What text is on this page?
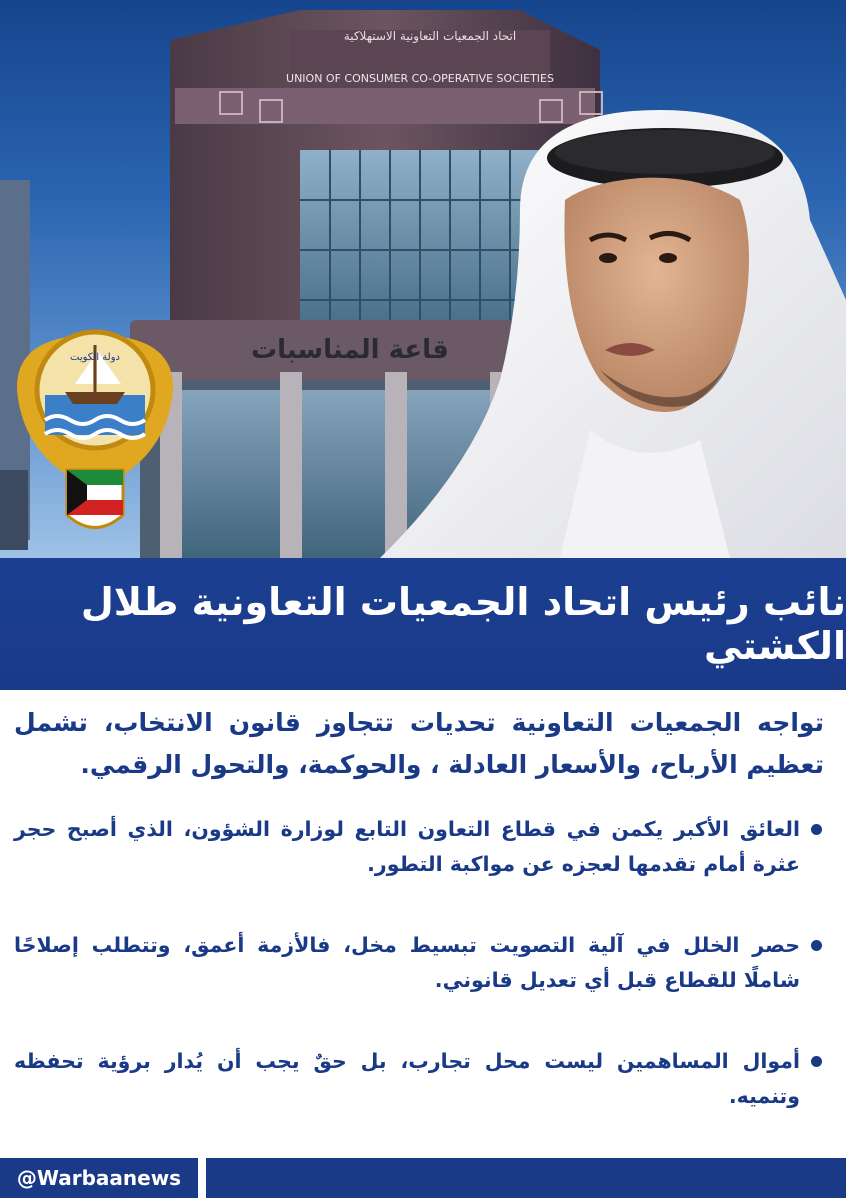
اتحاد الجمعيات التعاونية الاستهلاكية
UNION OF CONSUMER CO-OPERATIVE SOCIETIES
قاعة المناسبات
دولة الكويت
نائب رئيس اتحاد الجمعيات التعاونية طلال الكشتي

تواجه الجمعيات التعاونية تحديات تتجاوز قانون الانتخاب، تشمل تعظيم الأرباح، والأسعار العادلة ، والحوكمة، والتحول الرقمي.

العائق الأكبر يكمن في قطاع التعاون التابع لوزارة الشؤون، الذي أصبح حجر عثرة أمام تقدمها لعجزه عن مواكبة التطور.
حصر الخلل في آلية التصويت تبسيط مخل، فالأزمة أعمق، وتتطلب إصلاحًا شاملًا للقطاع قبل أي تعديل قانوني.
أموال المساهمين ليست محل تجارب، بل حقٌ يجب أن يُدار برؤية تحفظه وتنميه.
@Warbaanews
